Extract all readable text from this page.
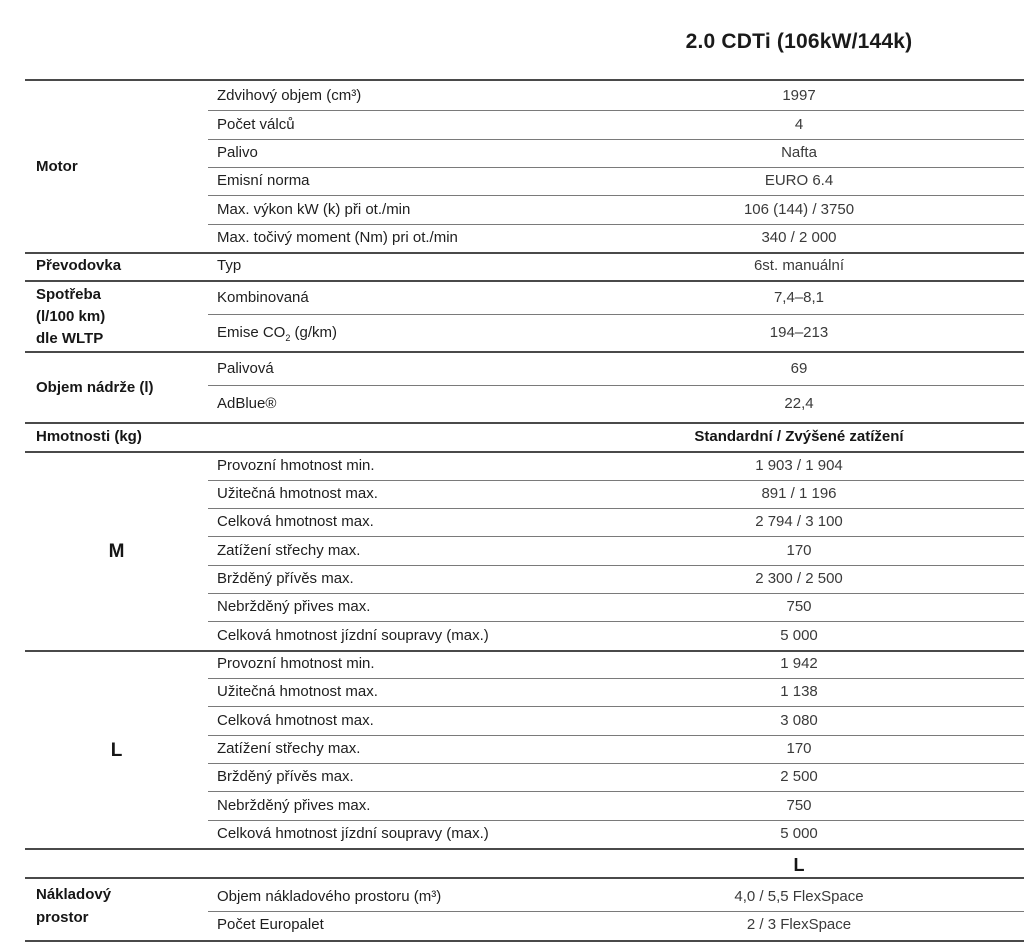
2.0 CDTi (106kW/144k)
Motor
Zdvihový objem (cm³)	1997
Počet válců	4
Palivo	Nafta
Emisní norma	EURO 6.4
Max. výkon kW (k) při ot./min	106 (144) / 3750
Max. točivý moment (Nm) pri ot./min	340 / 2 000
Převodovka	Typ	6st. manuální
Spotřeba
(l/100 km)
dle WLTP
Kombinovaná	7,4–8,1
Emise $CO_2$ (g/km)	194–213
Objem nádrže (l)
Palivová	69
AdBlue®	22,4
Hmotnosti (kg)	Standardní / Zvýšené zatížení
M
Provozní hmotnost min.	1 903 / 1 904
Užitečná hmotnost max.	891 / 1 196
Celková hmotnost max.	2 794 / 3 100
Zatížení střechy max.	170
Bržděný přívěs max.	2 300 / 2 500
Nebržděný přives max.	750
Celková hmotnost jízdní soupravy (max.)	5 000
L
Provozní hmotnost min.	1 942
Užitečná hmotnost max.	1 138
Celková hmotnost max.	3 080
Zatížení střechy max.	170
Bržděný přívěs max.	2 500
Nebržděný přives max.	750
Celková hmotnost jízdní soupravy (max.)	5 000
L
Nákladový
prostor
Objem nákladového prostoru (m³)	4,0 / 5,5 FlexSpace
Počet Europalet	2 / 3 FlexSpace
